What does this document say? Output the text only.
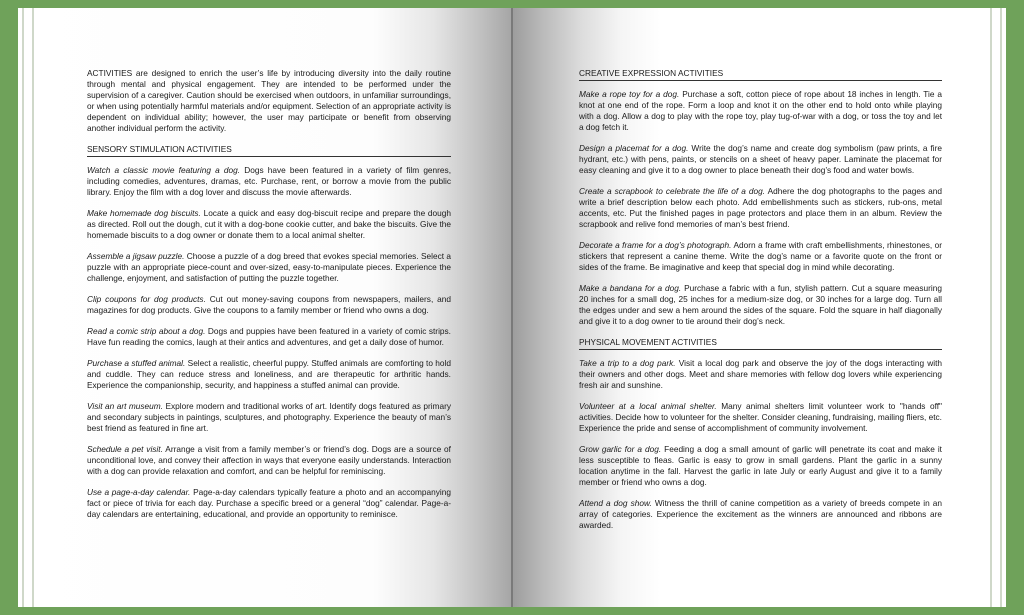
ACTIVITIES are designed to enrich the user’s life by introducing diversity into the daily routine through mental and physical engagement. They are intended to be performed under the supervision of a caregiver. Caution should be exercised when outdoors, in unfamiliar surroundings, or when using potentially harmful materials and/or equipment. Selection of an appropriate activity is dependent on individual ability; however, the user may participate or benefit from observing another individual perform the activity.

SENSORY STIMULATION ACTIVITIES

Watch a classic movie featuring a dog. Dogs have been featured in a variety of film genres, including comedies, adventures, dramas, etc. Purchase, rent, or borrow a movie from the public library. Enjoy the film with a dog lover and discuss the movie afterwards.

Make homemade dog biscuits. Locate a quick and easy dog-biscuit recipe and prepare the dough as directed. Roll out the dough, cut it with a dog-bone cookie cutter, and bake the biscuits. Give the homemade biscuits to a dog owner or donate them to a local animal shelter.

Assemble a jigsaw puzzle. Choose a puzzle of a dog breed that evokes special memories. Select a puzzle with an appropriate piece-count and over-sized, easy-to-manipulate pieces. Experience the challenge, enjoyment, and satisfaction of putting the puzzle together.

Clip coupons for dog products. Cut out money-saving coupons from newspapers, mailers, and magazines for dog products. Give the coupons to a family member or friend who owns a dog.

Read a comic strip about a dog. Dogs and puppies have been featured in a variety of comic strips. Have fun reading the comics, laugh at their antics and adventures, and get a daily dose of humor.

Purchase a stuffed animal. Select a realistic, cheerful puppy. Stuffed animals are comforting to hold and cuddle. They can reduce stress and loneliness, and are therapeutic for arthritic hands. Experience the companionship, security, and happiness a stuffed animal can provide.

Visit an art museum. Explore modern and traditional works of art. Identify dogs featured as primary and secondary subjects in paintings, sculptures, and photography. Experience the beauty of man’s best friend as featured in fine art.

Schedule a pet visit. Arrange a visit from a family member’s or friend’s dog. Dogs are a source of unconditional love, and convey their affection in ways that everyone easily understands. Interaction with a dog can provide relaxation and comfort, and can be helpful for reminiscing.

Use a page-a-day calendar. Page-a-day calendars typically feature a photo and an accompanying fact or piece of trivia for each day. Purchase a specific breed or a general “dog” calendar. Page-a-day calendars are entertaining, educational, and provide an opportunity to reminisce.

CREATIVE EXPRESSION ACTIVITIES

Make a rope toy for a dog. Purchase a soft, cotton piece of rope about 18 inches in length. Tie a knot at one end of the rope. Form a loop and knot it on the other end to hold onto while playing with a dog. Allow a dog to play with the rope toy, play tug-of-war with a dog, or toss the toy and let a dog fetch it.

Design a placemat for a dog. Write the dog’s name and create dog symbolism (paw prints, a fire hydrant, etc.) with pens, paints, or stencils on a sheet of heavy paper. Laminate the placemat for easy cleaning and give it to a dog owner to place beneath their dog’s food and water bowls.

Create a scrapbook to celebrate the life of a dog. Adhere the dog photographs to the pages and write a brief description below each photo. Add embellishments such as stickers, rub-ons, metal accents, etc. Put the finished pages in page protectors and place them in an album. Review the scrapbook and relive fond memories of man’s best friend.

Decorate a frame for a dog’s photograph. Adorn a frame with craft embellishments, rhinestones, or stickers that represent a canine theme. Write the dog’s name or a favorite quote on the front or sides of the frame. Be imaginative and keep that special dog in mind while decorating.

Make a bandana for a dog. Purchase a fabric with a fun, stylish pattern. Cut a square measuring 20 inches for a small dog, 25 inches for a medium-size dog, or 30 inches for a large dog. Turn all the edges under and sew a hem around the sides of the square. Fold the square in half diagonally and give it to a dog owner to tie around their dog’s neck.

PHYSICAL MOVEMENT ACTIVITIES

Take a trip to a dog park. Visit a local dog park and observe the joy of the dogs interacting with their owners and other dogs. Meet and share memories with fellow dog lovers while experiencing fresh air and sunshine.

Volunteer at a local animal shelter. Many animal shelters limit volunteer work to "hands off" activities. Decide how to volunteer for the shelter. Consider cleaning, fundraising, mailing fliers, etc. Experience the pride and sense of accomplishment of community involvement.

Grow garlic for a dog. Feeding a dog a small amount of garlic will penetrate its coat and make it less susceptible to fleas. Garlic is easy to grow in small gardens. Plant the garlic in a sunny location anytime in the fall. Harvest the garlic in late July or early August and give it to a family member or friend who owns a dog.

Attend a dog show. Witness the thrill of canine competition as a variety of breeds compete in an array of categories. Experience the excitement as the winners are announced and ribbons are awarded.
